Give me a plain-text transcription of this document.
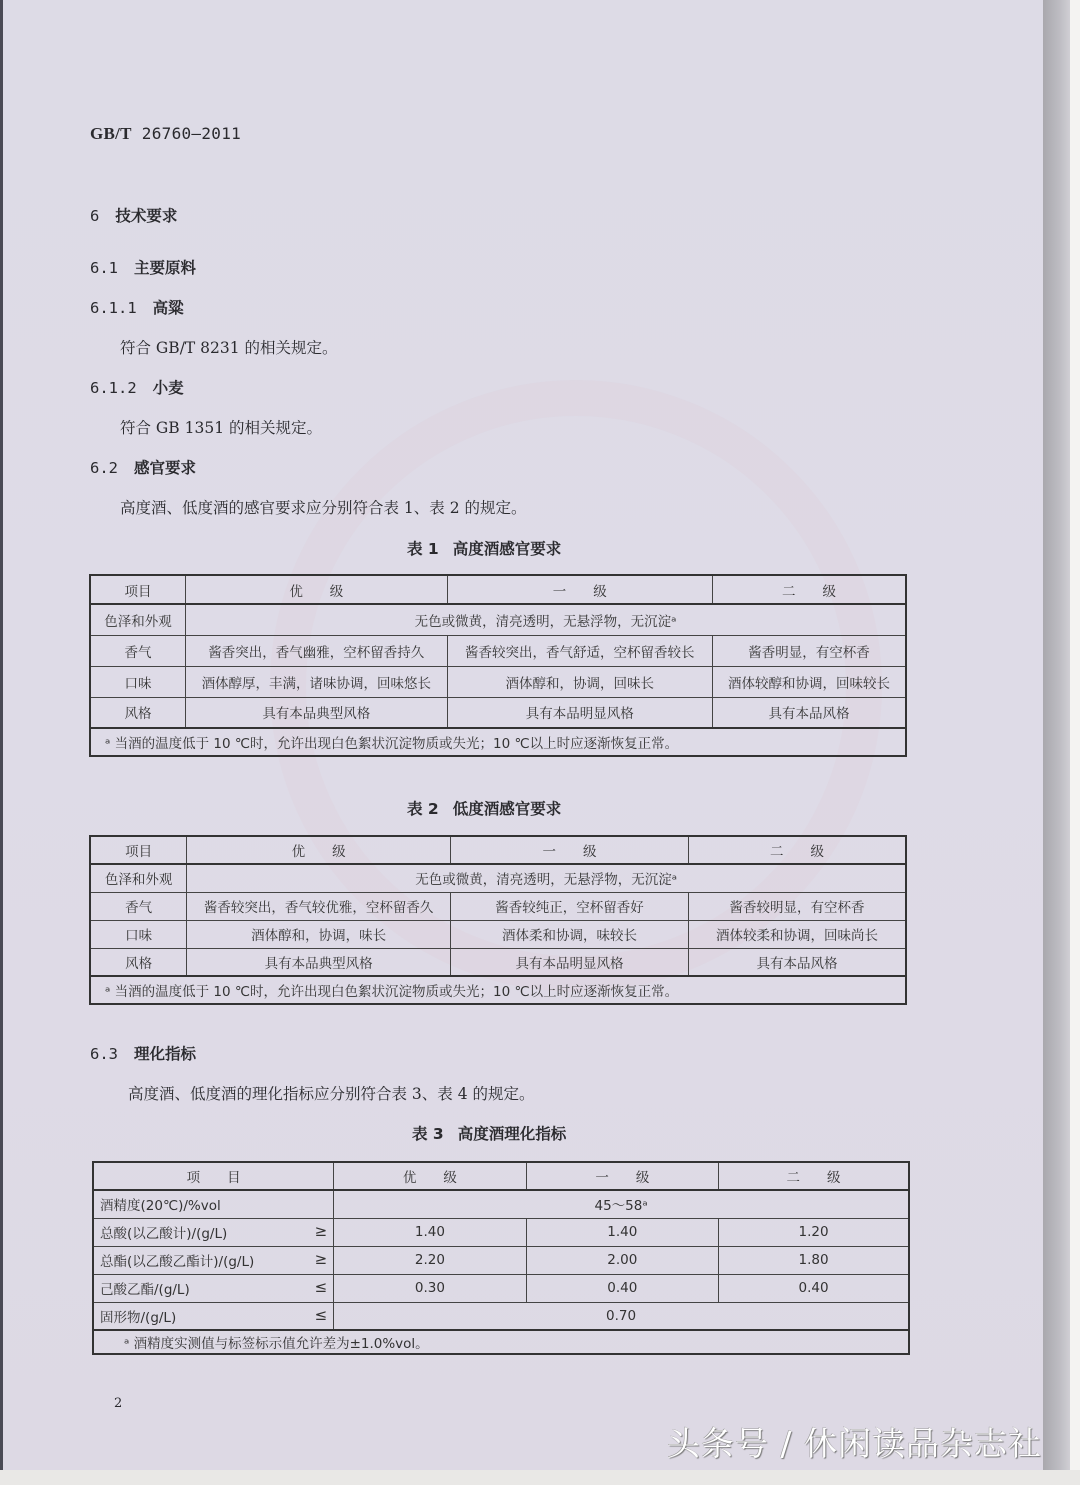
GB/T 26760—2011
6 技术要求
6.1 主要原料
6.1.1 高粱
符合 GB/T 8231 的相关规定。
6.1.2 小麦
符合 GB 1351 的相关规定。
6.2 感官要求
高度酒、低度酒的感官要求应分别符合表 1、表 2 的规定。
表 1 高度酒感官要求
项目	优　　级	一　　级	二　　级
色泽和外观	无色或微黄，清亮透明，无悬浮物，无沉淀ᵃ		
香气	酱香突出，香气幽雅，空杯留香持久	酱香较突出，香气舒适，空杯留香较长	酱香明显，有空杯香
口味	酒体醇厚，丰满，诸味协调，回味悠长	酒体醇和，协调，回味长	酒体较醇和协调，回味较长
风格	具有本品典型风格	具有本品明显风格	具有本品风格
ᵃ 当酒的温度低于 10 ℃时，允许出现白色絮状沉淀物质或失光；10 ℃以上时应逐渐恢复正常。			
表 2 低度酒感官要求
项目	优　　级	一　　级	二　　级
色泽和外观	无色或微黄，清亮透明，无悬浮物，无沉淀ᵃ		
香气	酱香较突出，香气较优雅，空杯留香久	酱香较纯正，空杯留香好	酱香较明显，有空杯香
口味	酒体醇和，协调，味长	酒体柔和协调，味较长	酒体较柔和协调，回味尚长
风格	具有本品典型风格	具有本品明显风格	具有本品风格
ᵃ 当酒的温度低于 10 ℃时，允许出现白色絮状沉淀物质或失光；10 ℃以上时应逐渐恢复正常。			
6.3 理化指标
高度酒、低度酒的理化指标应分别符合表 3、表 4 的规定。
表 3 高度酒理化指标
项　　目	优　　级	一　　级	二　　级
酒精度(20℃)/%vol	45～58ᵃ		
总酸(以乙酸计)/(g/L) ≥	1.40	1.40	1.20
总酯(以乙酸乙酯计)/(g/L) ≥	2.20	2.00	1.80
己酸乙酯/(g/L) ≤	0.30	0.40	0.40
固形物/(g/L) ≤	0.70		
ᵃ 酒精度实测值与标签标示值允许差为±1.0%vol。			
2
头条号 / 休闲读品杂志社
